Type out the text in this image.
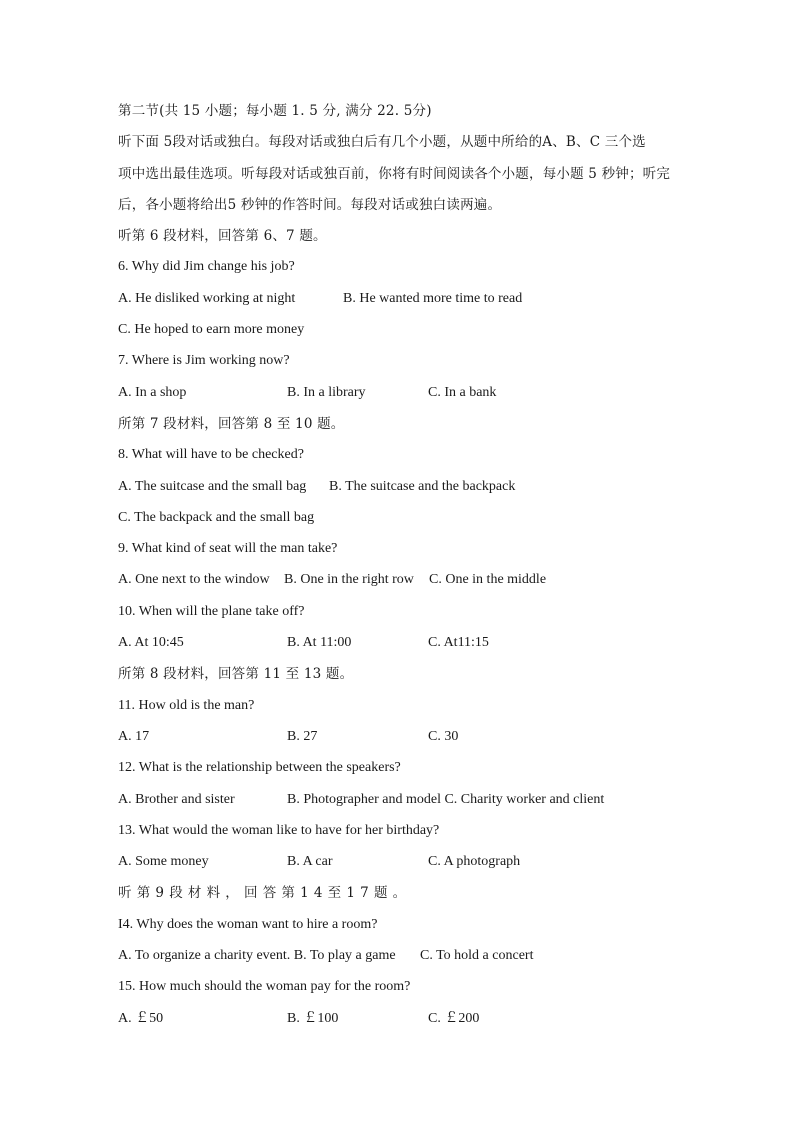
第二节(共 15 小题；每小题 1. 5 分, 满分 22. 5分)
听下面 5段对话或独白。每段对话或独白后有几个小题，从题中所给的A、B、C 三个选
项中选出最佳选项。听每段对话或独百前，你将有时间阅读各个小题，每小题 5 秒钟；听完
后，各小题将给出5 秒钟的作答时间。每段对话或独白读两遍。
听第 6 段材料，回答第 6、7 题。
6. Why did Jim change his job?
A. He disliked working at night	B. He wanted more time to read
C. He hoped to earn more money
7. Where is Jim working now?
A. In a shop	B. In a library	C. In a bank
所第 7 段材料，回答第 8 至 10 题。
8. What will have to be checked?
A. The suitcase and the small bag B. The suitcase and the backpack
C. The backpack and the small bag
9. What kind of seat will the man take?
A. One next to the window B. One in the right row C. One in the middle
10. When will the plane take off?
A. At 10:45	B. At 11:00	C. At11:15
所第 8 段材料，回答第 11 至 13 题。
11. How old is the man?
A. 17	B. 27	C. 30
12. What is the relationship between the speakers?
A. Brother and sister	B. Photographer and model C. Charity worker and client
13. What would the woman like to have for her birthday?
A. Some money	B. A car	C. A photograph
听第9段材料，回答第14至17题。
I4. Why does the woman want to hire a room?
A. To organize a charity event. B. To play a game C. To hold a concert
15. How much should the woman pay for the room?
A. ￡50	B. ￡100	C. ￡200
